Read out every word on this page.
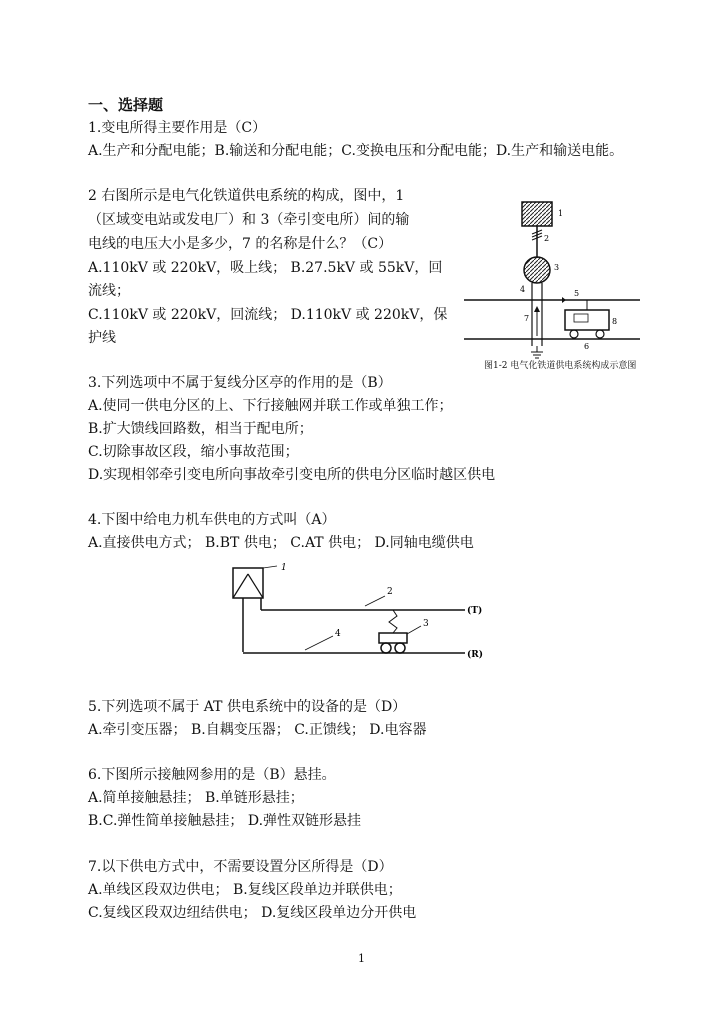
一、选择题
1.变电所得主要作用是（C）
A.生产和分配电能；B.输送和分配电能；C.变换电压和分配电能；D.生产和输送电能。
2 右图所示是电气化铁道供电系统的构成，图中，1
（区域变电站或发电厂）和 3（牵引变电所）间的输
电线的电压大小是多少，7 的名称是什么？（C）
A.110kV 或 220kV，吸上线； B.27.5kV 或 55kV，回
流线；
C.110kV 或 220kV，回流线； D.110kV 或 220kV，保
护线
1
2
3
4	5
7	8
6
图1-2 电气化铁道供电系统构成示意图
3.下列选项中不属于复线分区亭的作用的是（B）
A.使同一供电分区的上、下行接触网并联工作或单独工作；
B.扩大馈线回路数，相当于配电所；
C.切除事故区段，缩小事故范围；
D.实现相邻牵引变电所向事故牵引变电所的供电分区临时越区供电
4.下图中给电力机车供电的方式叫（A）
A.直接供电方式； B.BT 供电； C.AT 供电； D.同轴电缆供电
1
2
(T)
3
4
(R)
5.下列选项不属于 AT 供电系统中的设备的是（D）
A.牵引变压器； B.自耦变压器； C.正馈线； D.电容器
6.下图所示接触网参用的是（B）悬挂。
A.简单接触悬挂； B.单链形悬挂；
B.C.弹性简单接触悬挂； D.弹性双链形悬挂
7.以下供电方式中，不需要设置分区所得是（D）
A.单线区段双边供电； B.复线区段单边并联供电；
C.复线区段双边纽结供电； D.复线区段单边分开供电
1
